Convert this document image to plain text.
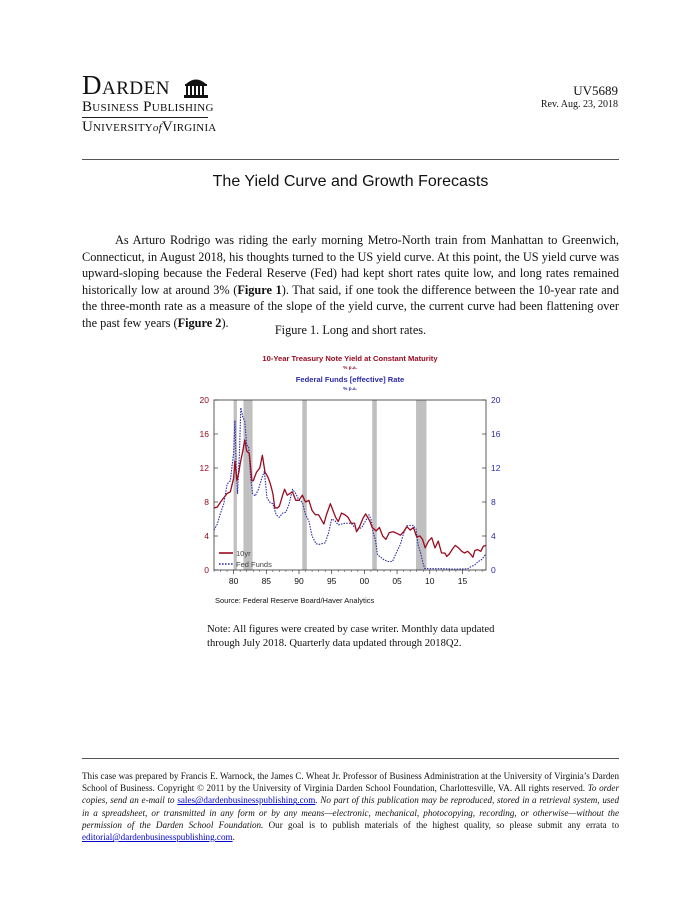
Darden
Business Publishing
UniversityofVirginia
UV5689
Rev. Aug. 23, 2018
The Yield Curve and Growth Forecasts

As Arturo Rodrigo was riding the early morning Metro-North train from Manhattan to Greenwich, Connecticut, in August 2018, his thoughts turned to the US yield curve. At this point, the US yield curve was upward-sloping because the Federal Reserve (Fed) had kept short rates quite low, and long rates remained historically low at around 3% (Figure 1). That said, if one took the difference between the 10-year rate and the three-month rate as a measure of the slope of the yield curve, the current curve had been flattening over the past few years (Figure 2).

Figure 1. Long and short rates.
10-Year Treasury Note Yield at Constant Maturity
% p.a.
Federal Funds [effective] Rate
% p.a.
0	0
4	4
8	8
12	12
16	16
20	20
80	85	90	95	00	05	10	15
10yr
Fed Funds
Source: Federal Reserve Board/Haver Analytics
Note: All figures were created by case writer. Monthly data updated through July 2018. Quarterly data updated through 2018Q2.
This case was prepared by Francis E. Warnock, the James C. Wheat Jr. Professor of Business Administration at the University of Virginia’s Darden School of Business. Copyright © 2011 by the University of Virginia Darden School Foundation, Charlottesville, VA. All rights reserved. To order copies, send an e-mail to sales@dardenbusinesspublishing.com. No part of this publication may be reproduced, stored in a retrieval system, used in a spreadsheet, or transmitted in any form or by any means—electronic, mechanical, photocopying, recording, or otherwise—without the permission of the Darden School Foundation. Our goal is to publish materials of the highest quality, so please submit any errata to editorial@dardenbusinesspublishing.com.
